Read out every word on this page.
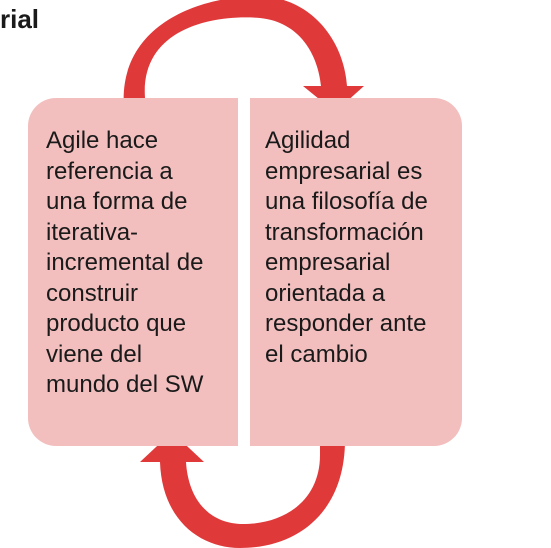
rial
Agile hace
referencia a
una forma de
iterativa-
incremental de
construir
producto que
viene del
mundo del SW
Agilidad
empresarial es
una filosofía de
transformación
empresarial
orientada a
responder ante
el cambio
